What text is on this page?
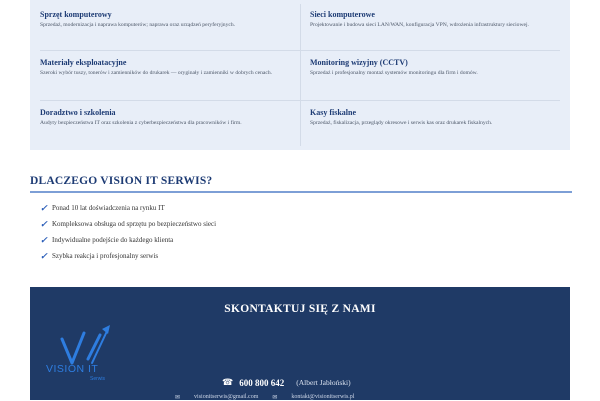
Sprzęt komputerowy

Sprzedaż, modernizacja i naprawa komputerów; naprawa oraz urządzeń peryferyjnych.

Sieci komputerowe

Projektowanie i budowa sieci LAN/WAN, konfiguracja VPN, wdrożenia infrastruktury sieciowej.

Materiały eksploatacyjne

Szeroki wybór tuszy, tonerów i zamienników do drukarek — oryginały i zamienniki w dobrych cenach.

Monitoring wizyjny (CCTV)

Sprzedaż i profesjonalny montaż systemów monitoringu dla firm i domów.

Doradztwo i szkolenia

Audyty bezpieczeństwa IT oraz szkolenia z cyberbezpieczeństwa dla pracowników i firm.

Kasy fiskalne

Sprzedaż, fiskalizacja, przeglądy okresowe i serwis kas oraz drukarek fiskalnych.

DLACZEGO VISION IT SERWIS?
✓ Ponad 10 lat doświadczenia na rynku IT
✓ Kompleksowa obsługa od sprzętu po bezpieczeństwo sieci
✓ Indywidualne podejście do każdego klienta
✓ Szybka reakcja i profesjonalny serwis
SKONTAKTUJ SIĘ Z NAMI
VISION IT
Serwis	☎ 600 800 642 (Albert Jabłoński)
✉ visionitserwis@gmail.com ✉ kontakt@visionitserwis.pl
